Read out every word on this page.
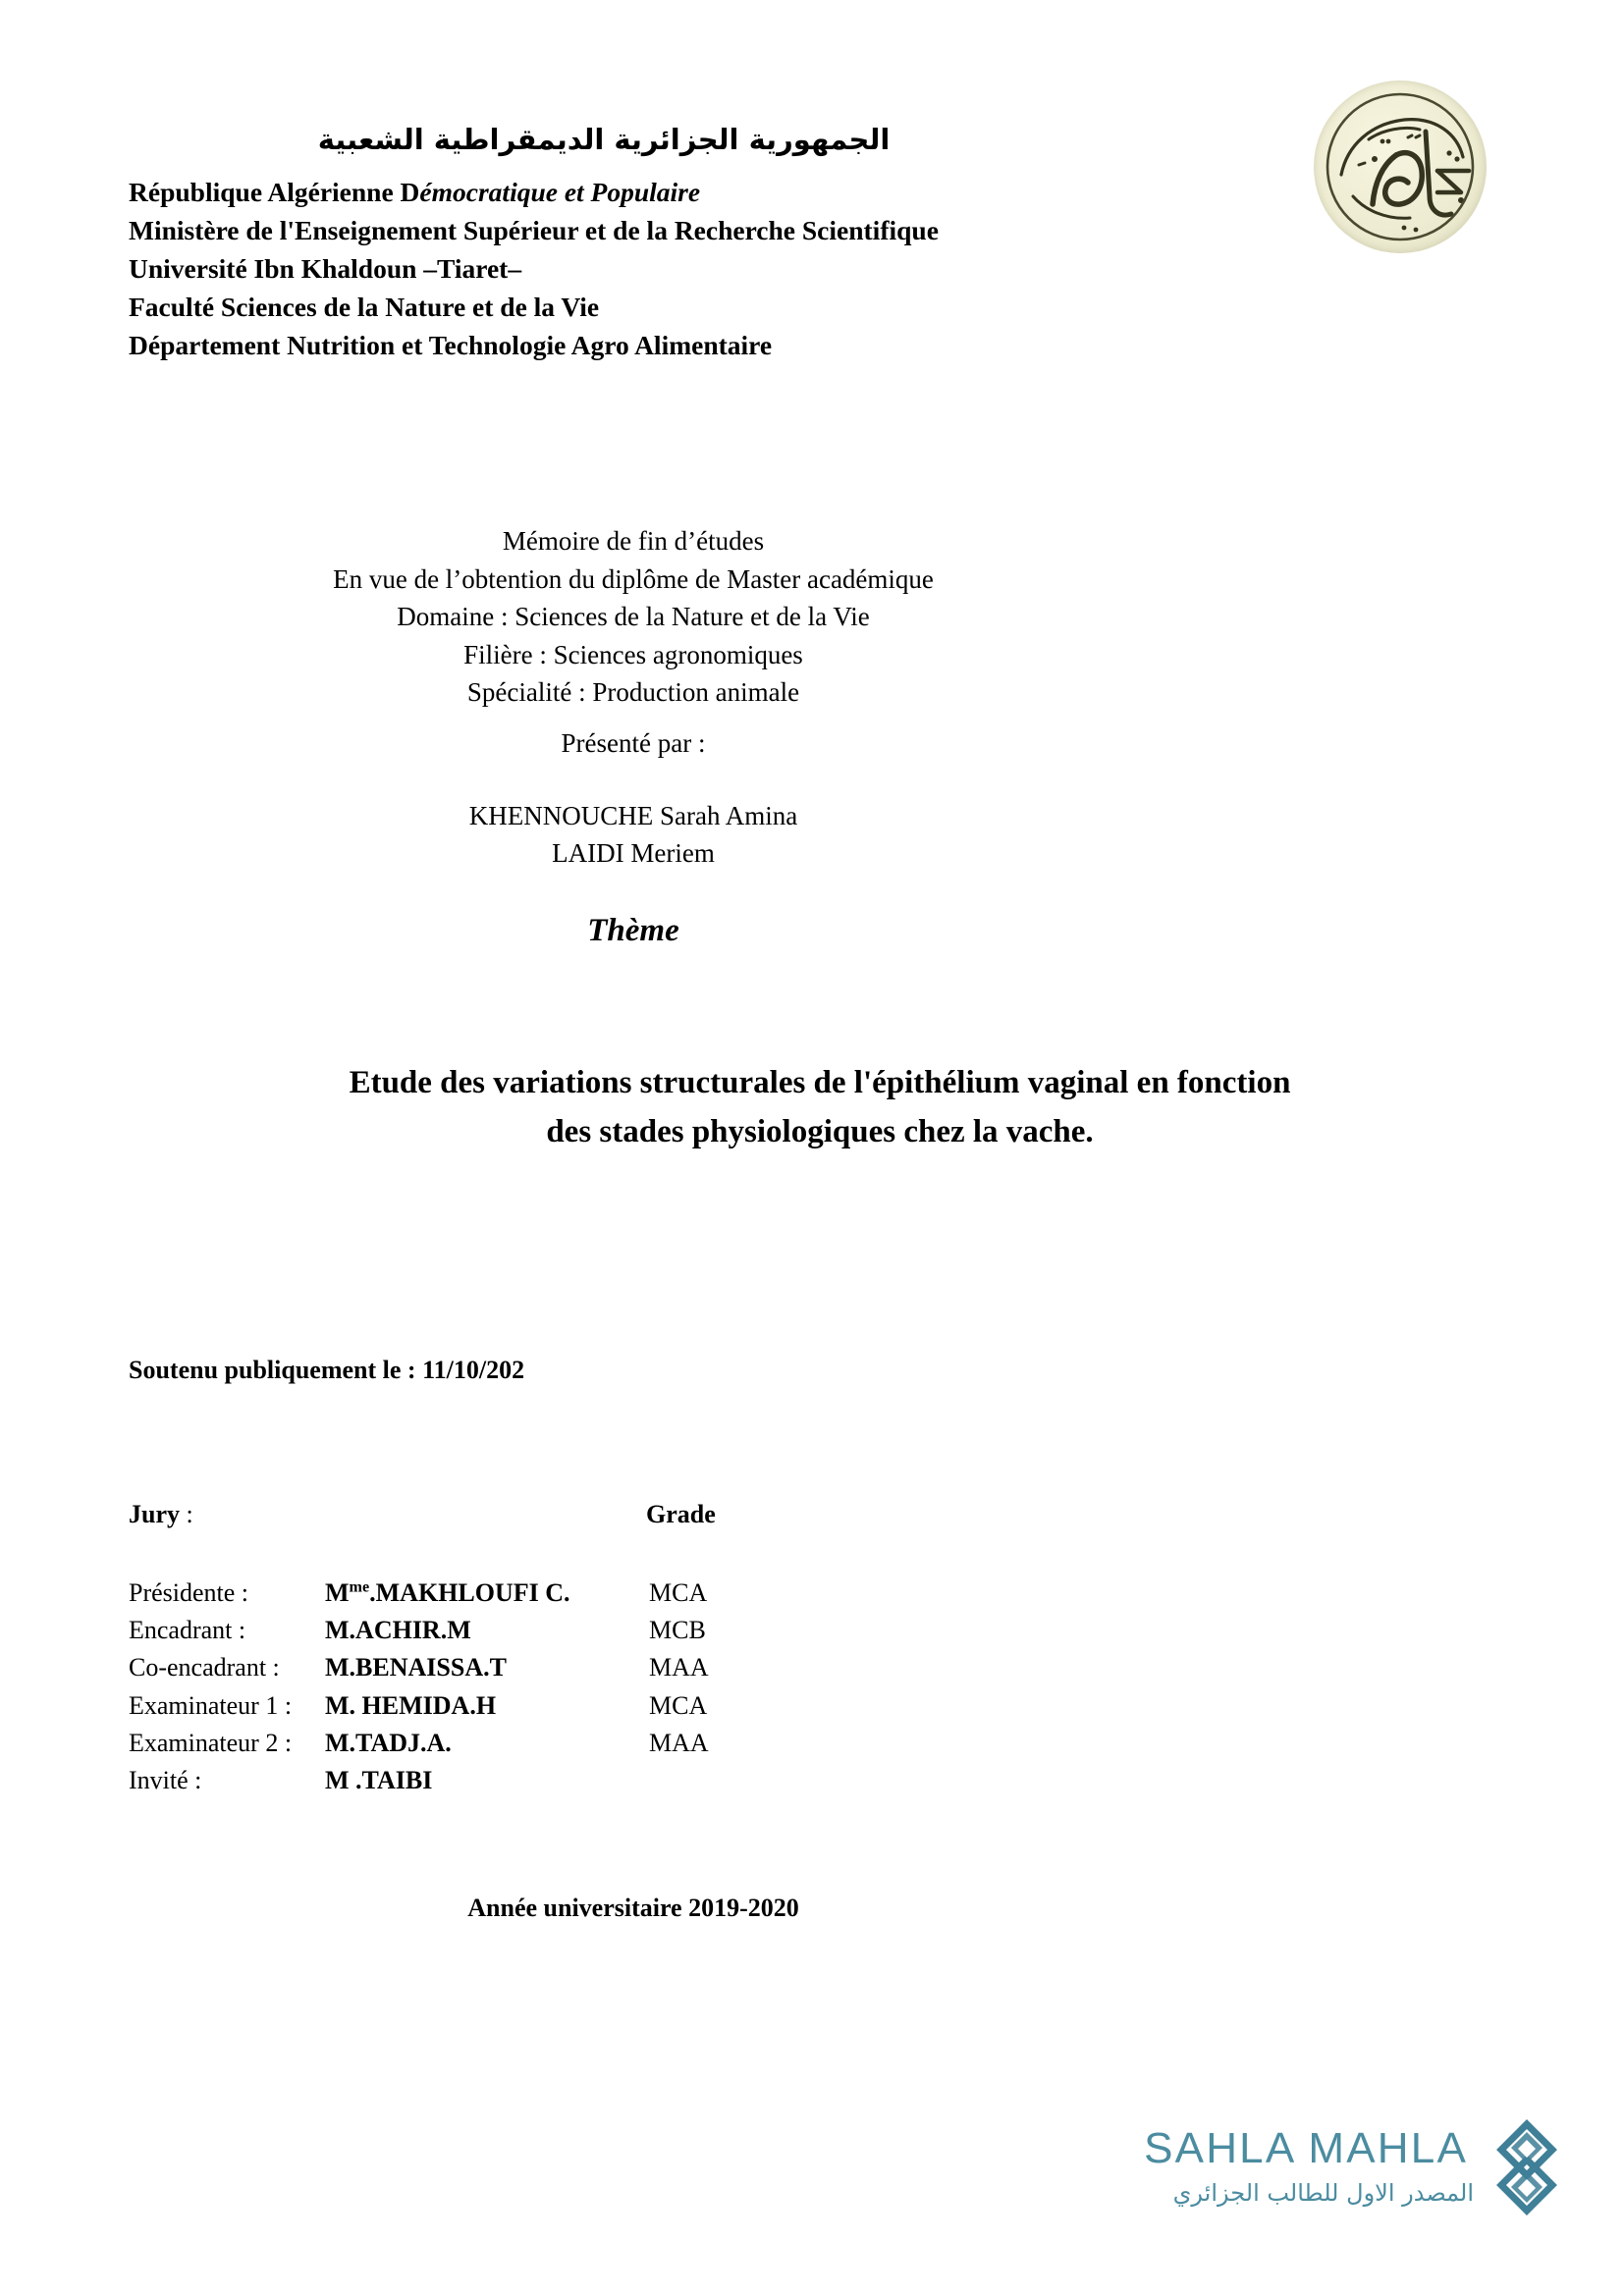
الجمهورية الجزائرية الديمقراطية الشعبية
République Algérienne Démocratique et Populaire
Ministère de l'Enseignement Supérieur et de la Recherche Scientifique
Université Ibn Khaldoun –Tiaret–
Faculté Sciences de la Nature et de la Vie
Département Nutrition et Technologie Agro Alimentaire
Mémoire de fin d’études
En vue de l’obtention du diplôme de Master académique
Domaine : Sciences de la Nature et de la Vie
Filière : Sciences agronomiques
Spécialité : Production animale
Présenté par :
KHENNOUCHE Sarah Amina
LAIDI Meriem
Thème
Etude des variations structurales de l'épithélium vaginal en fonction
des stades physiologiques chez la vache.
Soutenu publiquement le : 11/10/202
Jury :	Grade
Présidente :	$M^{me}.MAKHLOUFI$ C.	MCA
Encadrant :	M.ACHIR.M	MCB
Co-encadrant :	M.BENAISSA.T	MAA
Examinateur 1 :	M. HEMIDA.H	MCA
Examinateur 2 :	M.TADJ.A.	MAA
Invité :	M .TAIBI	
Année universitaire 2019-2020
SAHLA MAHLA
المصدر الاول للطالب الجزائري
